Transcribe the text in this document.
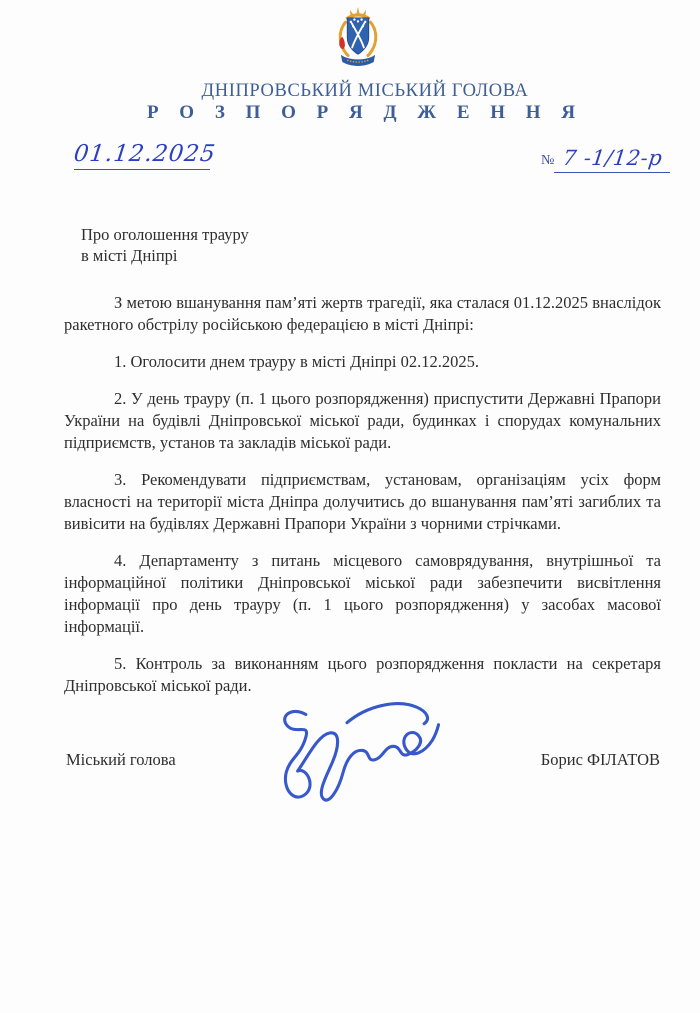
ДНІПРОВСЬКИЙ МІСЬКИЙ ГОЛОВА
Р О З П О Р Я Д Ж Е Н Н Я
01.12.2025	№ 7 -1/12-р
Про оголошення трауру
в місті Дніпрі

З метою вшанування пам’яті жертв трагедії, яка сталася 01.12.2025 внаслідок ракетного обстрілу російською федерацією в місті Дніпрі:

1. Оголосити днем трауру в місті Дніпрі 02.12.2025.

2. У день трауру (п. 1 цього розпорядження) приспустити Державні Прапори України на будівлі Дніпровської міської ради, будинках і спорудах комунальних підприємств, установ та закладів міської ради.

3. Рекомендувати підприємствам, установам, організаціям усіх форм власності на території міста Дніпра долучитись до вшанування пам’яті загиблих та вивісити на будівлях Державні Прапори України з чорними стрічками.

4. Департаменту з питань місцевого самоврядування, внутрішньої та інформаційної політики Дніпровської міської ради забезпечити висвітлення інформації про день трауру (п. 1 цього розпорядження) у засобах масової інформації.

5. Контроль за виконанням цього розпорядження покласти на секретаря Дніпровської міської ради.

Міський голова	Борис ФІЛАТОВ
